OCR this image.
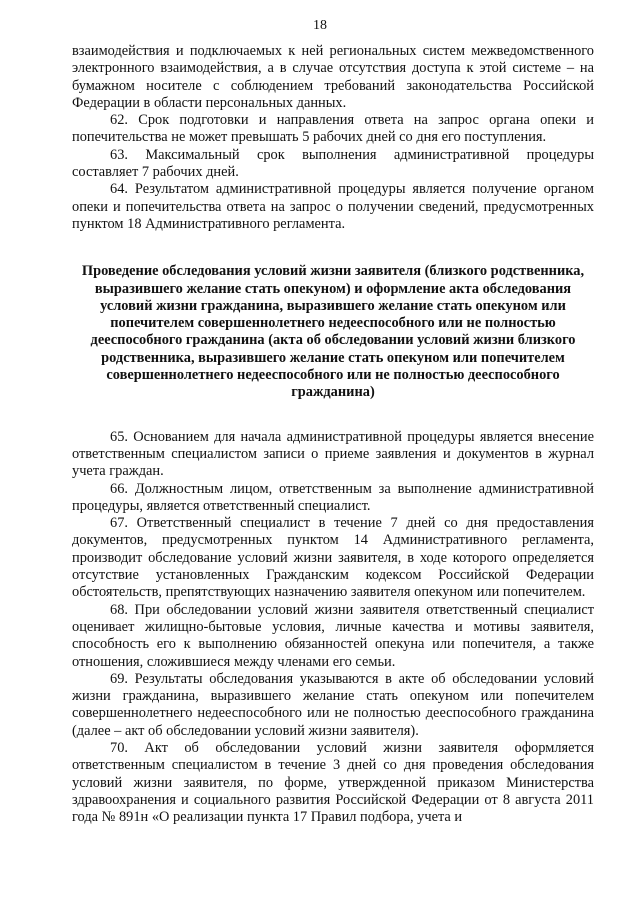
18

взаимодействия и подключаемых к ней региональных систем межведомственного электронного взаимодействия, а в случае отсутствия доступа к этой системе – на бумажном носителе с соблюдением требований законодательства Российской Федерации в области персональных данных.

62. Срок подготовки и направления ответа на запрос органа опеки и попечительства не может превышать 5 рабочих дней со дня его поступления.

63. Максимальный срок выполнения административной процедуры составляет 7 рабочих дней.

64. Результатом административной процедуры является получение органом опеки и попечительства ответа на запрос о получении сведений, предусмотренных пунктом 18 Административного регламента.

Проведение обследования условий жизни заявителя (близкого родственника, выразившего желание стать опекуном) и оформление акта обследования условий жизни гражданина, выразившего желание стать опекуном или попечителем совершеннолетнего недееспособного или не полностью дееспособного гражданина (акта об обследовании условий жизни близкого родственника, выразившего желание стать опекуном или попечителем совершеннолетнего недееспособного или не полностью дееспособного гражданина)

65. Основанием для начала административной процедуры является внесение ответственным специалистом записи о приеме заявления и документов в журнал учета граждан.

66. Должностным лицом, ответственным за выполнение административной процедуры, является ответственный специалист.

67. Ответственный специалист в течение 7 дней со дня предоставления документов, предусмотренных пунктом 14 Административного регламента, производит обследование условий жизни заявителя, в ходе которого определяется отсутствие установленных Гражданским кодексом Российской Федерации обстоятельств, препятствующих назначению заявителя опекуном или попечителем.

68. При обследовании условий жизни заявителя ответственный специалист оценивает жилищно-бытовые условия, личные качества и мотивы заявителя, способность его к выполнению обязанностей опекуна или попечителя, а также отношения, сложившиеся между членами его семьи.

69. Результаты обследования указываются в акте об обследовании условий жизни гражданина, выразившего желание стать опекуном или попечителем совершеннолетнего недееспособного или не полностью дееспособного гражданина (далее – акт об обследовании условий жизни заявителя).

70. Акт об обследовании условий жизни заявителя оформляется ответственным специалистом в течение 3 дней со дня проведения обследования условий жизни заявителя, по форме, утвержденной приказом Министерства здравоохранения и социального развития Российской Федерации от 8 августа 2011 года № 891н «О реализации пункта 17 Правил подбора, учета и
